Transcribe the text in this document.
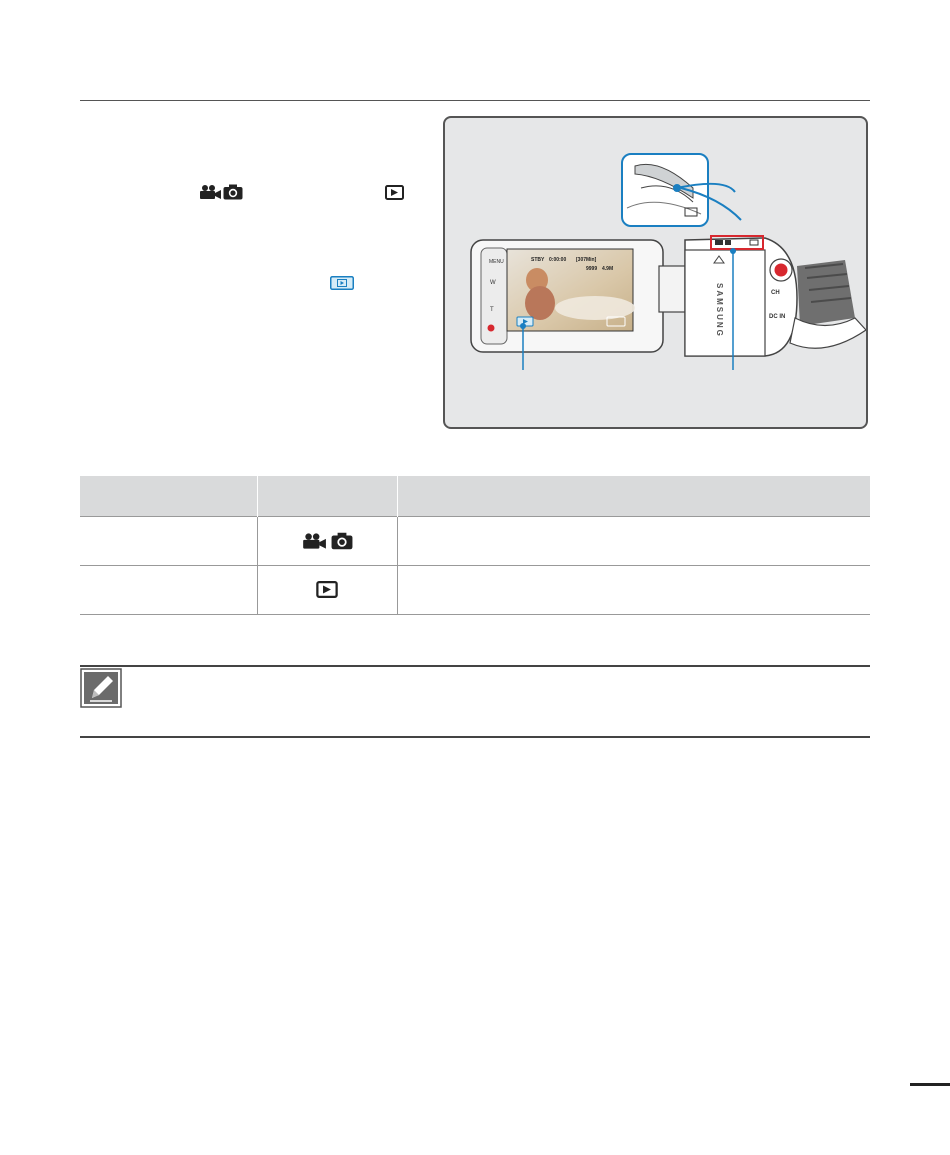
MENU
W
T
STBY 0:00:00 [307Min]
9999 4.9M
SAMSUNG	CH
DC IN
